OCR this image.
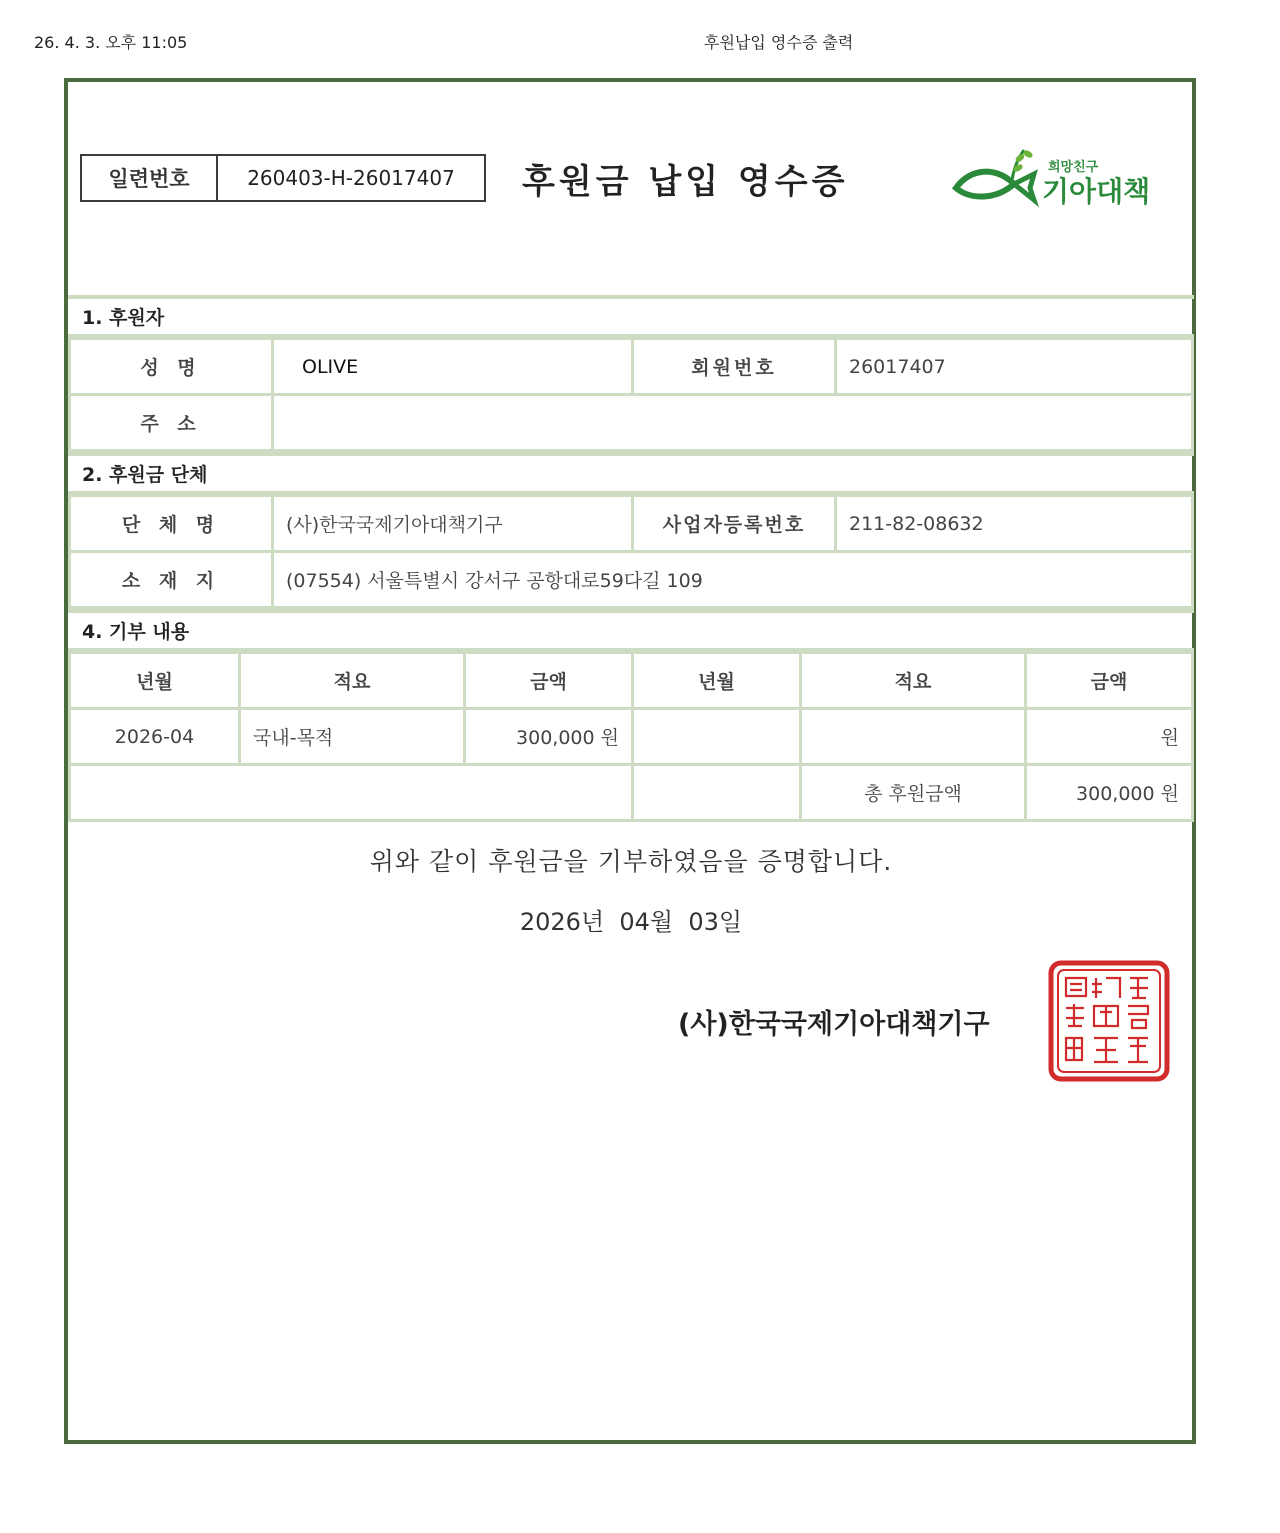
26. 4. 3. 오후 11:05	후원납입 영수증 출력
일련번호	260403-H-26017407	후원금 납입 영수증	희망친구
기아대책
1. 후원자
성 명	OLIVE	회원번호	26017407
주 소			
2. 후원금 단체
단 체 명	(사)한국국제기아대책기구	사업자등록번호	211-82-08632
소 재 지	(07554) 서울특별시 강서구 공항대로59다길 109		
4. 기부 내용
년월	적요	금액	년월	적요	금액
2026-04	국내-목적	300,000 원			원
				총 후원금액	300,000 원
위와 같이 후원금을 기부하였음을 증명합니다.
2026년  04월  03일
(사)한국국제기아대책기구
